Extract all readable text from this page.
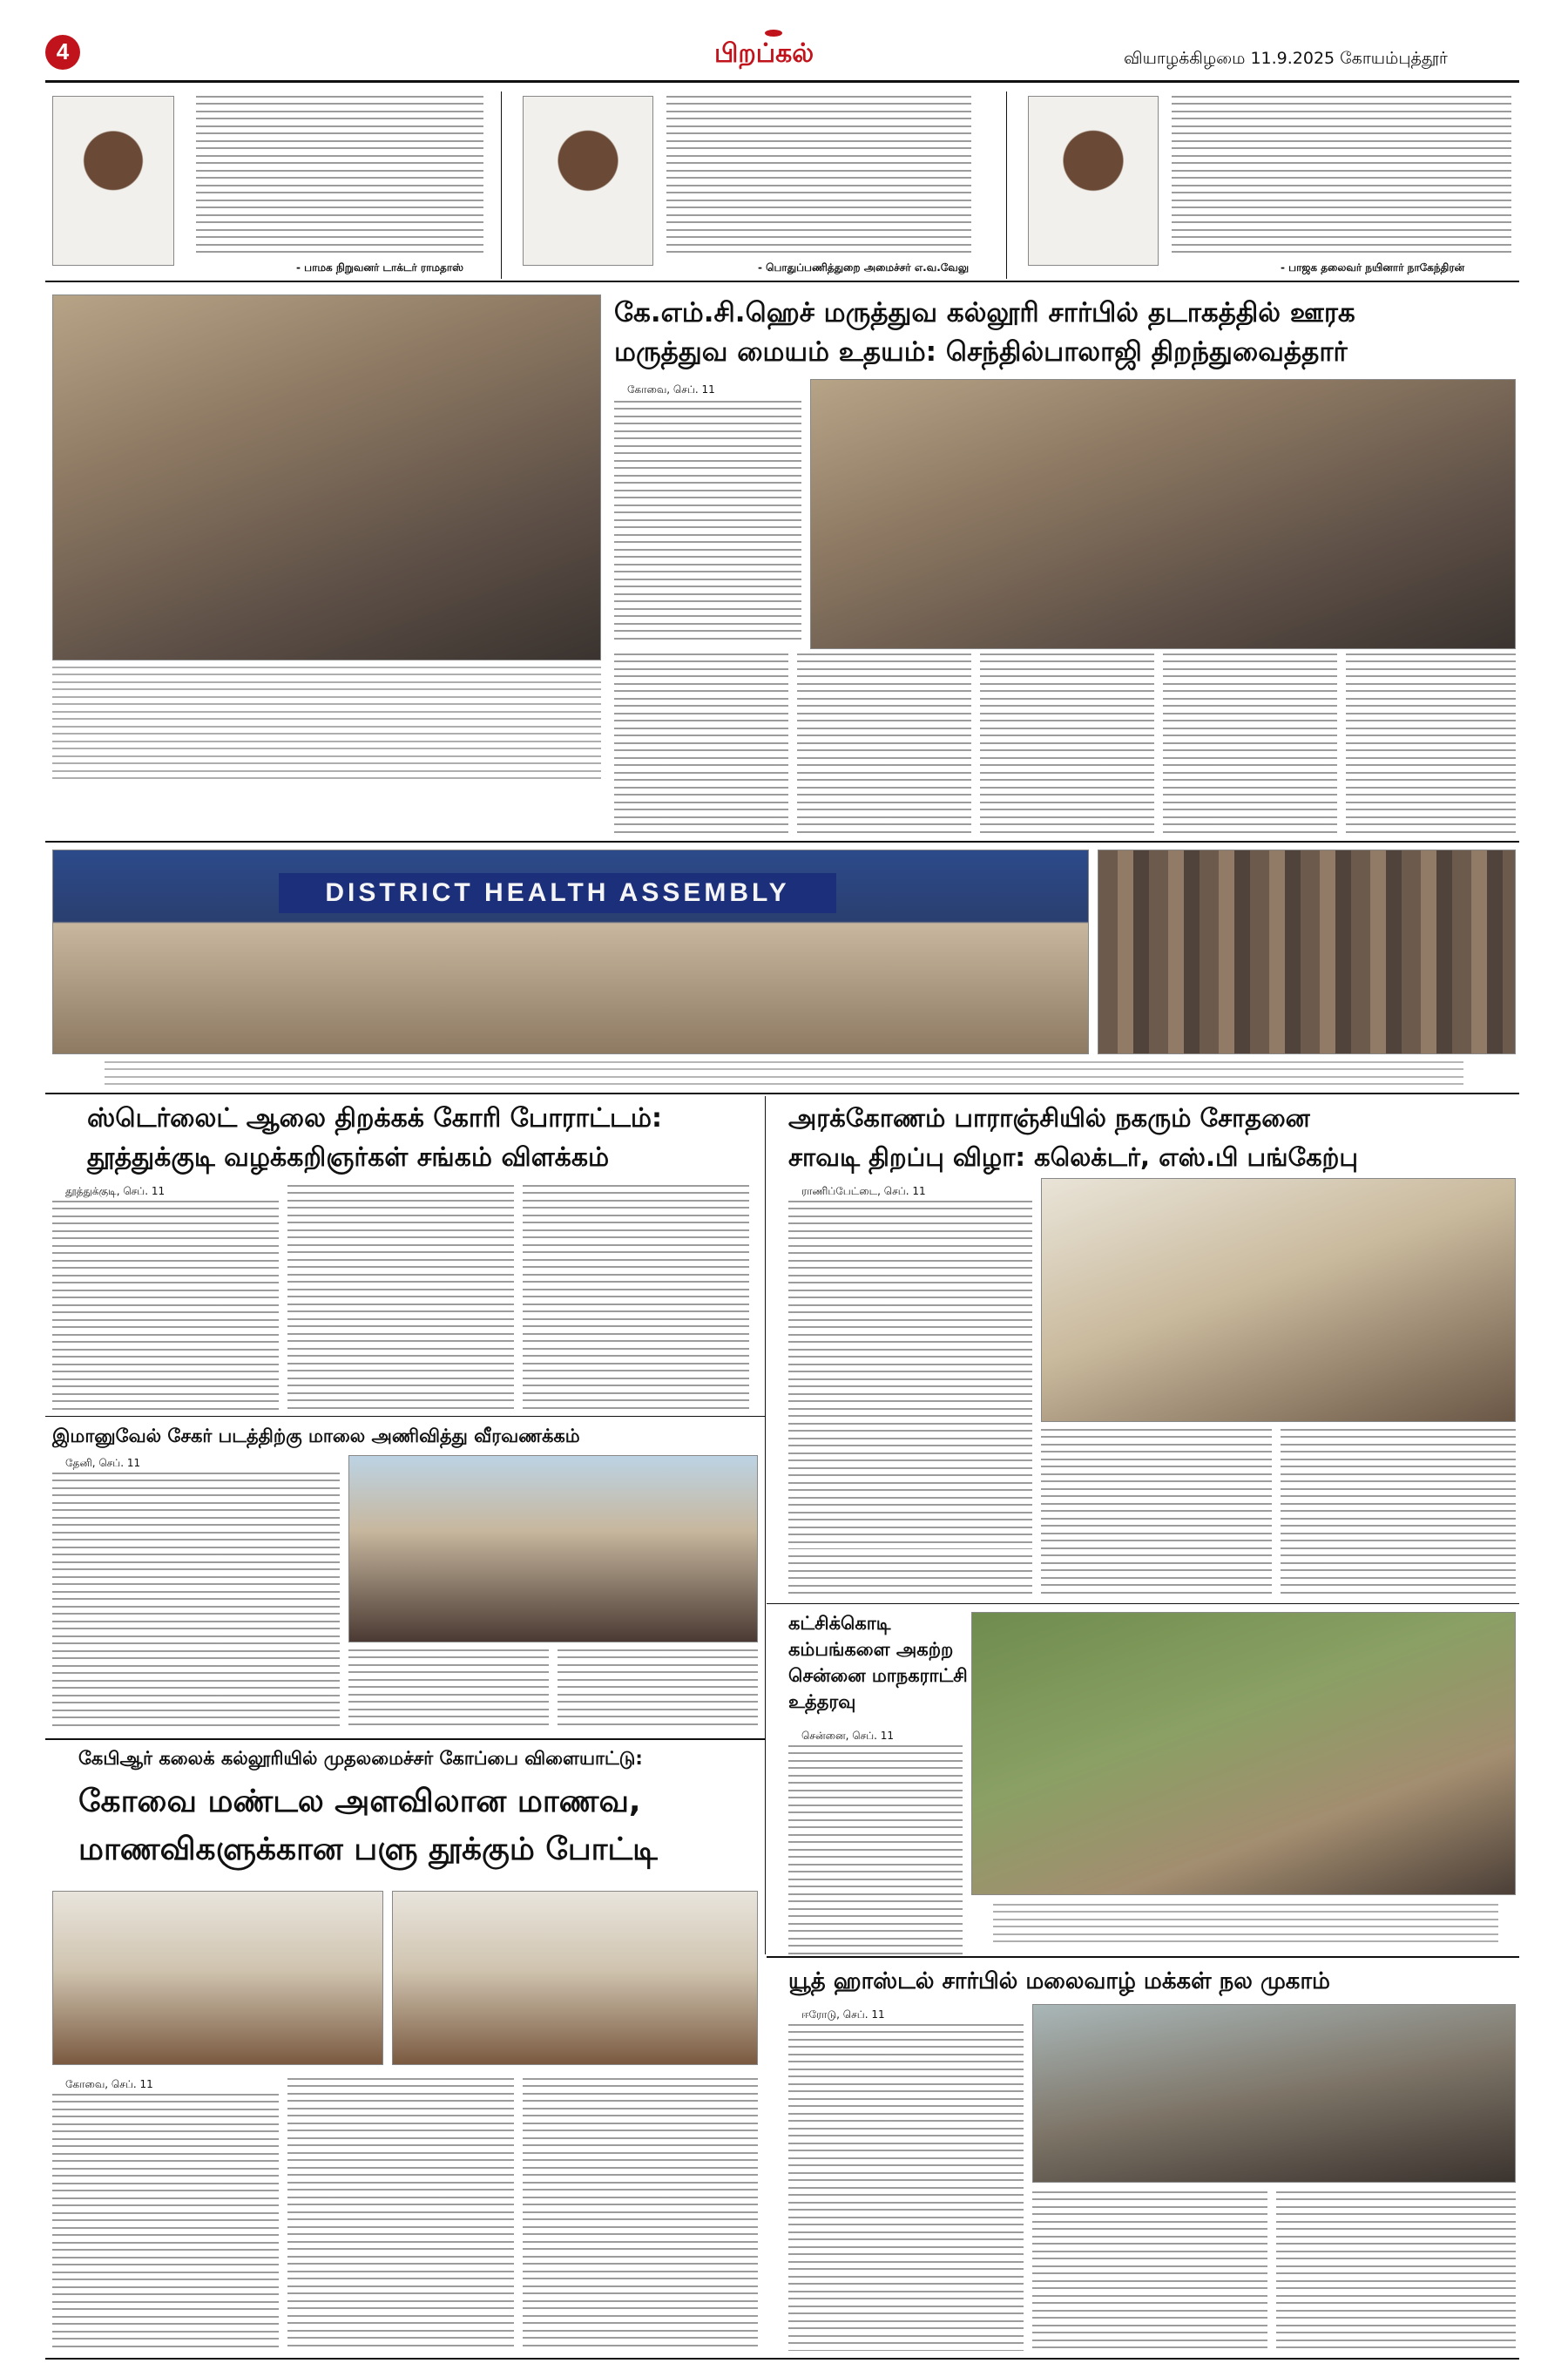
4	பிறப்கல்	வியாழக்கிழமை 11.9.2025 கோயம்புத்தூர்
- பாமக நிறுவனர் டாக்டர் ராமதாஸ்	- பொதுப்பணித்துறை அமைச்சர் எ.வ.வேலு	- பாஜக தலைவர் நயினார் நாகேந்திரன்
கே.எம்.சி.ஹெச் மருத்துவ கல்லூரி சார்பில் தடாகத்தில் ஊரக
மருத்துவ மையம் உதயம்: செந்தில்பாலாஜி திறந்துவைத்தார்
கோவை, செப். 11
DISTRICT HEALTH ASSEMBLY
ஸ்டெர்லைட் ஆலை திறக்கக் கோரி போராட்டம்:
தூத்துக்குடி வழக்கறிஞர்கள் சங்கம் விளக்கம்
தூத்துக்குடி, செப். 11
அரக்கோணம் பாராஞ்சியில் நகரும் சோதனை
சாவடி திறப்பு விழா: கலெக்டர், எஸ்.பி பங்கேற்பு
ராணிப்பேட்டை, செப். 11
இமானுவேல் சேகர் படத்திற்கு மாலை அணிவித்து வீரவணக்கம்
தேனி, செப். 11
கட்சிக்கொடி
கம்பங்களை அகற்ற
சென்னை மாநகராட்சி
உத்தரவு
சென்னை, செப். 11
கேபிஆர் கலைக் கல்லூரியில் முதலமைச்சர் கோப்பை விளையாட்டு:
கோவை மண்டல அளவிலான மாணவ,
மாணவிகளுக்கான பளு தூக்கும் போட்டி
கோவை, செப். 11
யூத் ஹாஸ்டல் சார்பில் மலைவாழ் மக்கள் நல முகாம்
ஈரோடு, செப். 11
